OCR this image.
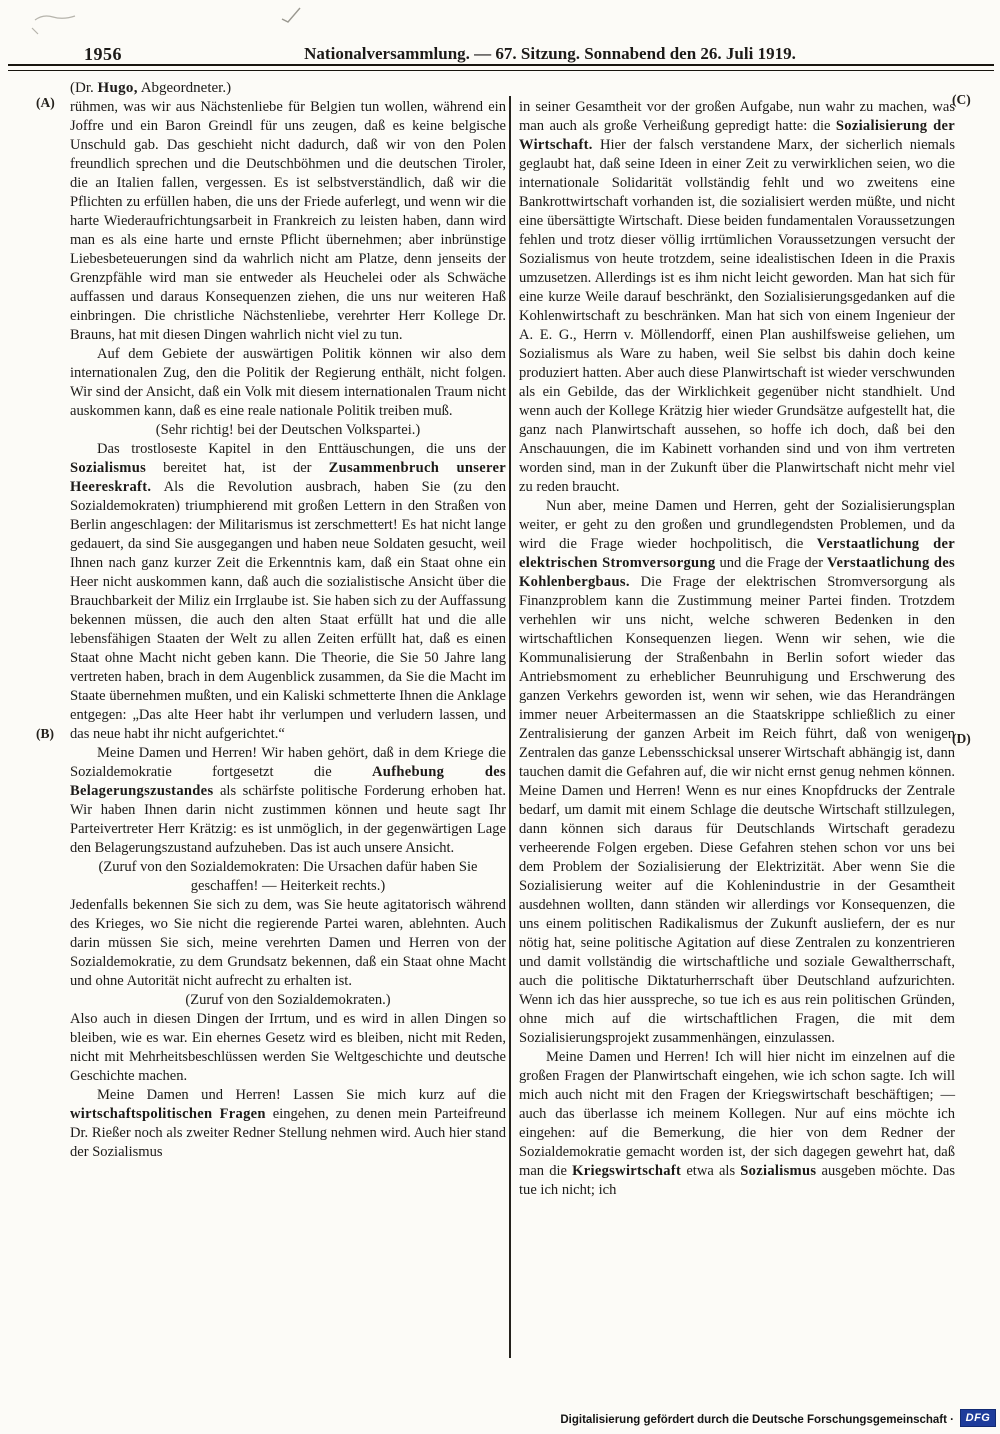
1956	Nationalversammlung. — 67. Sitzung. Sonnabend den 26. Juli 1919.
(Dr. Hugo, Abgeordneter.)
(A)
(B)
(C)
(D)

rühmen, was wir aus Nächstenliebe für Belgien tun wollen, während ein Joffre und ein Baron Greindl für uns zeugen, daß es keine belgische Unschuld gab. Das geschieht nicht dadurch, daß wir von den Polen freundlich sprechen und die Deutschböhmen und die deutschen Tiroler, die an Italien fallen, vergessen. Es ist selbstverständlich, daß wir die Pflichten zu erfüllen haben, die uns der Friede auferlegt, und wenn wir die harte Wiederaufrichtungsarbeit in Frankreich zu leisten haben, dann wird man es als eine harte und ernste Pflicht übernehmen; aber inbrünstige Liebesbeteuerungen sind da wahrlich nicht am Platze, denn jenseits der Grenzpfähle wird man sie entweder als Heuchelei oder als Schwäche auffassen und daraus Konsequenzen ziehen, die uns nur weiteren Haß einbringen. Die christliche Nächstenliebe, verehrter Herr Kollege Dr. Brauns, hat mit diesen Dingen wahrlich nicht viel zu tun.

Auf dem Gebiete der auswärtigen Politik können wir also dem internationalen Zug, den die Politik der Regierung enthält, nicht folgen. Wir sind der Ansicht, daß ein Volk mit diesem internationalen Traum nicht auskommen kann, daß es eine reale nationale Politik treiben muß.

(Sehr richtig! bei der Deutschen Volkspartei.)

Das trostloseste Kapitel in den Enttäuschungen, die uns der Sozialismus bereitet hat, ist der Zusammenbruch unserer Heereskraft. Als die Revolution ausbrach, haben Sie (zu den Sozialdemokraten) triumphierend mit großen Lettern in den Straßen von Berlin angeschlagen: der Militarismus ist zerschmettert! Es hat nicht lange gedauert, da sind Sie ausgegangen und haben neue Soldaten gesucht, weil Ihnen nach ganz kurzer Zeit die Erkenntnis kam, daß ein Staat ohne ein Heer nicht auskommen kann, daß auch die sozialistische Ansicht über die Brauchbarkeit der Miliz ein Irrglaube ist. Sie haben sich zu der Auffassung bekennen müssen, die auch den alten Staat erfüllt hat und die alle lebensfähigen Staaten der Welt zu allen Zeiten erfüllt hat, daß es einen Staat ohne Macht nicht geben kann. Die Theorie, die Sie 50 Jahre lang vertreten haben, brach in dem Augenblick zusammen, da Sie die Macht im Staate übernehmen mußten, und ein Kaliski schmetterte Ihnen die Anklage entgegen: „Das alte Heer habt ihr verlumpen und verludern lassen, und das neue habt ihr nicht aufgerichtet.“

Meine Damen und Herren! Wir haben gehört, daß in dem Kriege die Sozialdemokratie fortgesetzt die Aufhebung des Belagerungszustandes als schärfste politische Forderung erhoben hat. Wir haben Ihnen darin nicht zustimmen können und heute sagt Ihr Parteivertreter Herr Krätzig: es ist unmöglich, in der gegenwärtigen Lage den Belagerungszustand aufzuheben. Das ist auch unsere Ansicht.

(Zuruf von den Sozialdemokraten: Die Ursachen dafür haben Sie geschaffen! — Heiterkeit rechts.)

Jedenfalls bekennen Sie sich zu dem, was Sie heute agitatorisch während des Krieges, wo Sie nicht die regierende Partei waren, ablehnten. Auch darin müssen Sie sich, meine verehrten Damen und Herren von der Sozialdemokratie, zu dem Grundsatz bekennen, daß ein Staat ohne Macht und ohne Autorität nicht aufrecht zu erhalten ist.

(Zuruf von den Sozialdemokraten.)

Also auch in diesen Dingen der Irrtum, und es wird in allen Dingen so bleiben, wie es war. Ein ehernes Gesetz wird es bleiben, nicht mit Reden, nicht mit Mehrheitsbeschlüssen werden Sie Weltgeschichte und deutsche Geschichte machen.

Meine Damen und Herren! Lassen Sie mich kurz auf die wirtschaftspolitischen Fragen eingehen, zu denen mein Parteifreund Dr. Rießer noch als zweiter Redner Stellung nehmen wird. Auch hier stand der Sozialismus

in seiner Gesamtheit vor der großen Aufgabe, nun wahr zu machen, was man auch als große Verheißung gepredigt hatte: die Sozialisierung der Wirtschaft. Hier der falsch verstandene Marx, der sicherlich niemals geglaubt hat, daß seine Ideen in einer Zeit zu verwirklichen seien, wo die internationale Solidarität vollständig fehlt und wo zweitens eine Bankrottwirtschaft vorhanden ist, die sozialisiert werden müßte, und nicht eine übersättigte Wirtschaft. Diese beiden fundamentalen Voraussetzungen fehlen und trotz dieser völlig irrtümlichen Voraussetzungen versucht der Sozialismus von heute trotzdem, seine idealistischen Ideen in die Praxis umzusetzen. Allerdings ist es ihm nicht leicht geworden. Man hat sich für eine kurze Weile darauf beschränkt, den Sozialisierungsgedanken auf die Kohlenwirtschaft zu beschränken. Man hat sich von einem Ingenieur der A. E. G., Herrn v. Möllendorff, einen Plan aushilfsweise geliehen, um Sozialismus als Ware zu haben, weil Sie selbst bis dahin doch keine produziert hatten. Aber auch diese Planwirtschaft ist wieder verschwunden als ein Gebilde, das der Wirklichkeit gegenüber nicht standhielt. Und wenn auch der Kollege Krätzig hier wieder Grundsätze aufgestellt hat, die ganz nach Planwirtschaft aussehen, so hoffe ich doch, daß bei den Anschauungen, die im Kabinett vorhanden sind und von ihm vertreten worden sind, man in der Zukunft über die Planwirtschaft nicht mehr viel zu reden braucht.

Nun aber, meine Damen und Herren, geht der Sozialisierungsplan weiter, er geht zu den großen und grundlegendsten Problemen, und da wird die Frage wieder hochpolitisch, die Verstaatlichung der elektrischen Stromversorgung und die Frage der Verstaatlichung des Kohlenbergbaus. Die Frage der elektrischen Stromversorgung als Finanzproblem kann die Zustimmung meiner Partei finden. Trotzdem verhehlen wir uns nicht, welche schweren Bedenken in den wirtschaftlichen Konsequenzen liegen. Wenn wir sehen, wie die Kommunalisierung der Straßenbahn in Berlin sofort wieder das Antriebsmoment zu erheblicher Beunruhigung und Erschwerung des ganzen Verkehrs geworden ist, wenn wir sehen, wie das Herandrängen immer neuer Arbeitermassen an die Staatskrippe schließlich zu einer Zentralisierung der ganzen Arbeit im Reich führt, daß von wenigen Zentralen das ganze Lebensschicksal unserer Wirtschaft abhängig ist, dann tauchen damit die Gefahren auf, die wir nicht ernst genug nehmen können. Meine Damen und Herren! Wenn es nur eines Knopfdrucks der Zentrale bedarf, um damit mit einem Schlage die deutsche Wirtschaft stillzulegen, dann können sich daraus für Deutschlands Wirtschaft geradezu verheerende Folgen ergeben. Diese Gefahren stehen schon vor uns bei dem Problem der Sozialisierung der Elektrizität. Aber wenn Sie die Sozialisierung weiter auf die Kohlenindustrie in der Gesamtheit ausdehnen wollten, dann ständen wir allerdings vor Konsequenzen, die uns einem politischen Radikalismus der Zukunft ausliefern, der es nur nötig hat, seine politische Agitation auf diese Zentralen zu konzentrieren und damit vollständig die wirtschaftliche und soziale Gewaltherrschaft, auch die politische Diktaturherrschaft über Deutschland aufzurichten. Wenn ich das hier ausspreche, so tue ich es aus rein politischen Gründen, ohne mich auf die wirtschaftlichen Fragen, die mit dem Sozialisierungsprojekt zusammenhängen, einzulassen.

Meine Damen und Herren! Ich will hier nicht im einzelnen auf die großen Fragen der Planwirtschaft eingehen, wie ich schon sagte. Ich will mich auch nicht mit den Fragen der Kriegswirtschaft beschäftigen; — auch das überlasse ich meinem Kollegen. Nur auf eins möchte ich eingehen: auf die Bemerkung, die hier von dem Redner der Sozialdemokratie gemacht worden ist, der sich dagegen gewehrt hat, daß man die Kriegswirtschaft etwa als Sozialismus ausgeben möchte. Das tue ich nicht; ich

Digitalisierung gefördert durch die Deutsche Forschungsgemeinschaft ·	DFG
